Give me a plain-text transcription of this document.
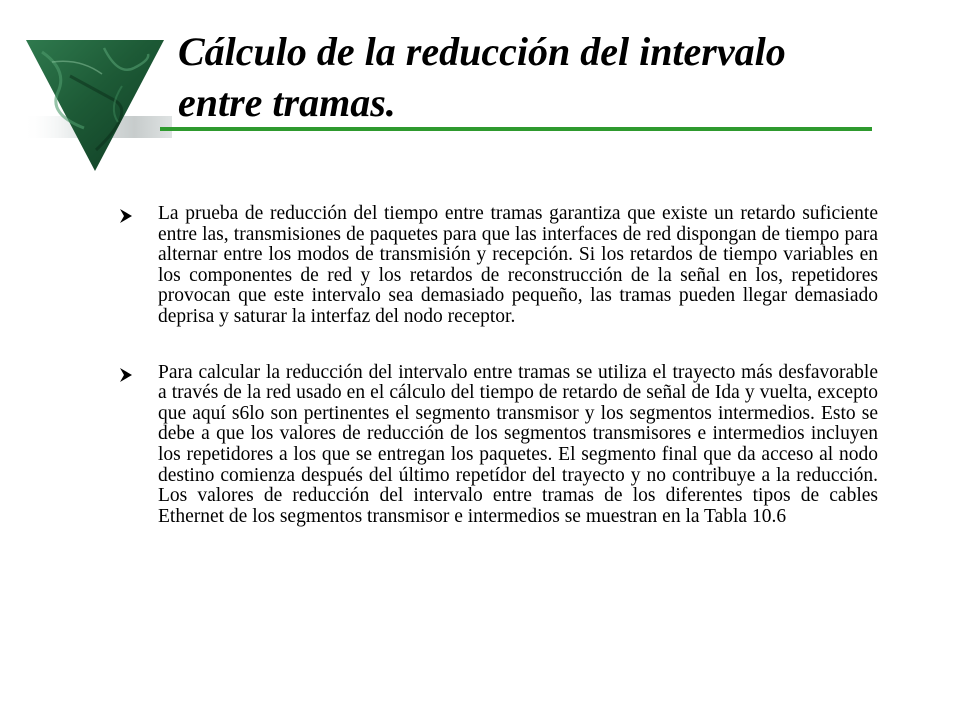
Cálculo de la reducción del intervalo
entre tramas.

La prueba de reducción del tiempo entre tramas garantiza que existe un retardo suficiente entre las, transmisiones de paquetes para que las interfaces de red dispongan de tiempo para alternar entre los modos de transmisión y recepción. Si los retardos de tiempo variables en los componentes de red y los retardos de reconstrucción de la señal en los, repetidores provocan que este intervalo sea demasiado pequeño, las tramas pueden llegar demasiado deprisa y saturar la interfaz del nodo receptor.

Para calcular la reducción del intervalo entre tramas se utiliza el trayecto más desfavorable a través de la red usado en el cálculo del tiempo de retardo de señal de Ida y vuelta, excepto que aquí s6lo son pertinentes el segmento transmisor y los segmentos intermedios. Esto se debe a que los valores de reducción de los segmentos transmisores e intermedios incluyen los repetidores a los que se entregan los paquetes. El segmento final que da acceso al nodo destino comienza después del último repetídor del trayecto y no contribuye a la reducción. Los valores de reducción del intervalo entre tramas de los diferentes tipos de cables Ethernet de los segmentos transmisor e intermedios se muestran en la Tabla 10.6
